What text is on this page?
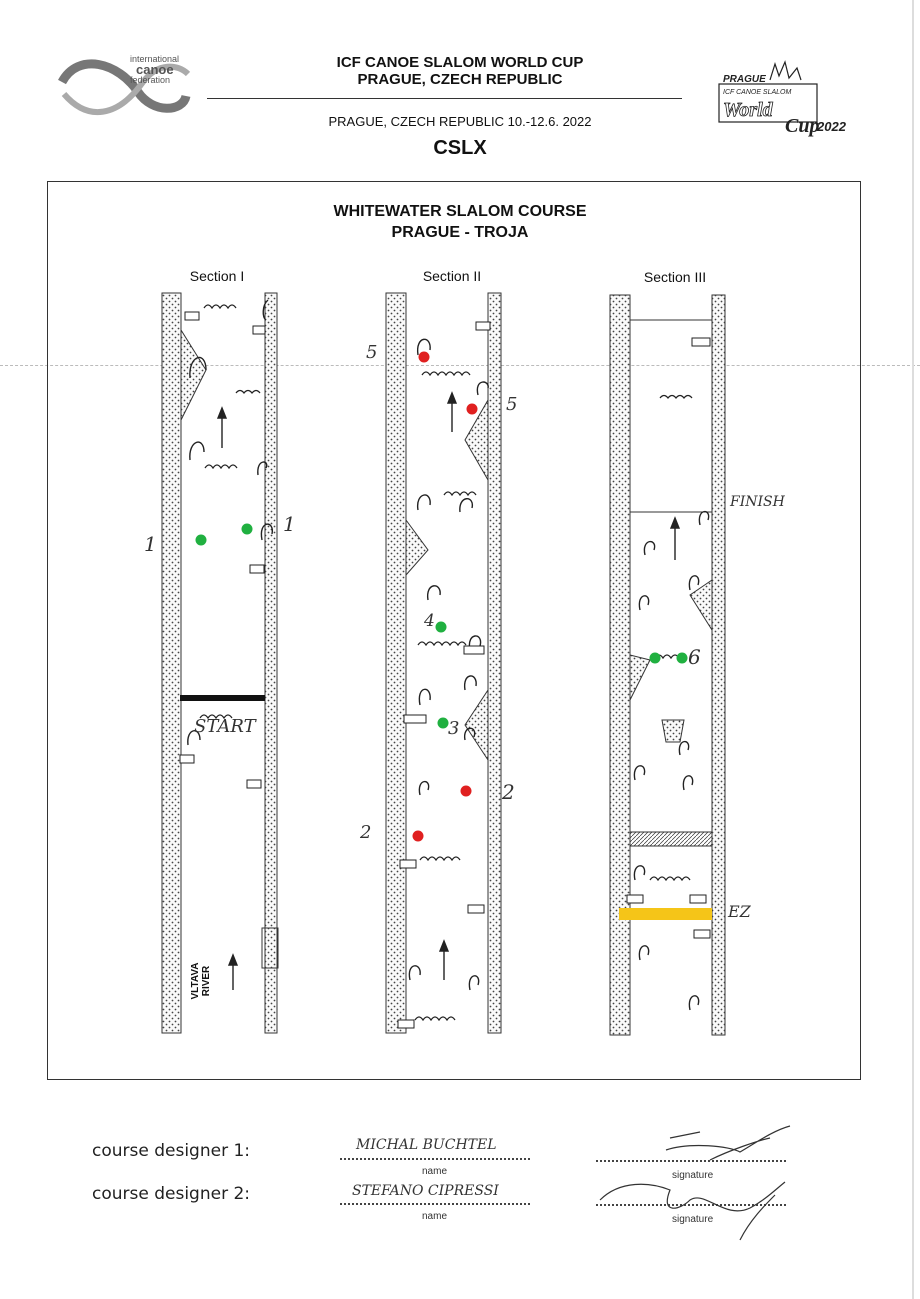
international
canoe
federation
ICF CANOE SLALOM WORLD CUP
PRAGUE, CZECH REPUBLIC
PRAGUE, CZECH REPUBLIC 10.-12.6. 2022
CSLX
PRAGUE
ICF CANOE SLALOM
World
Cup
2022
WHITEWATER SLALOM COURSE
PRAGUE - TROJA
Section I	Section II	Section III
START
FINISH
EZ
1
1
2
2
3
4
5
5
6
VLTAVA RIVER
course designer 1:
course designer 2:
MICHAL BUCHTEL
name
STEFANO CIPRESSI
name
signature
signature
